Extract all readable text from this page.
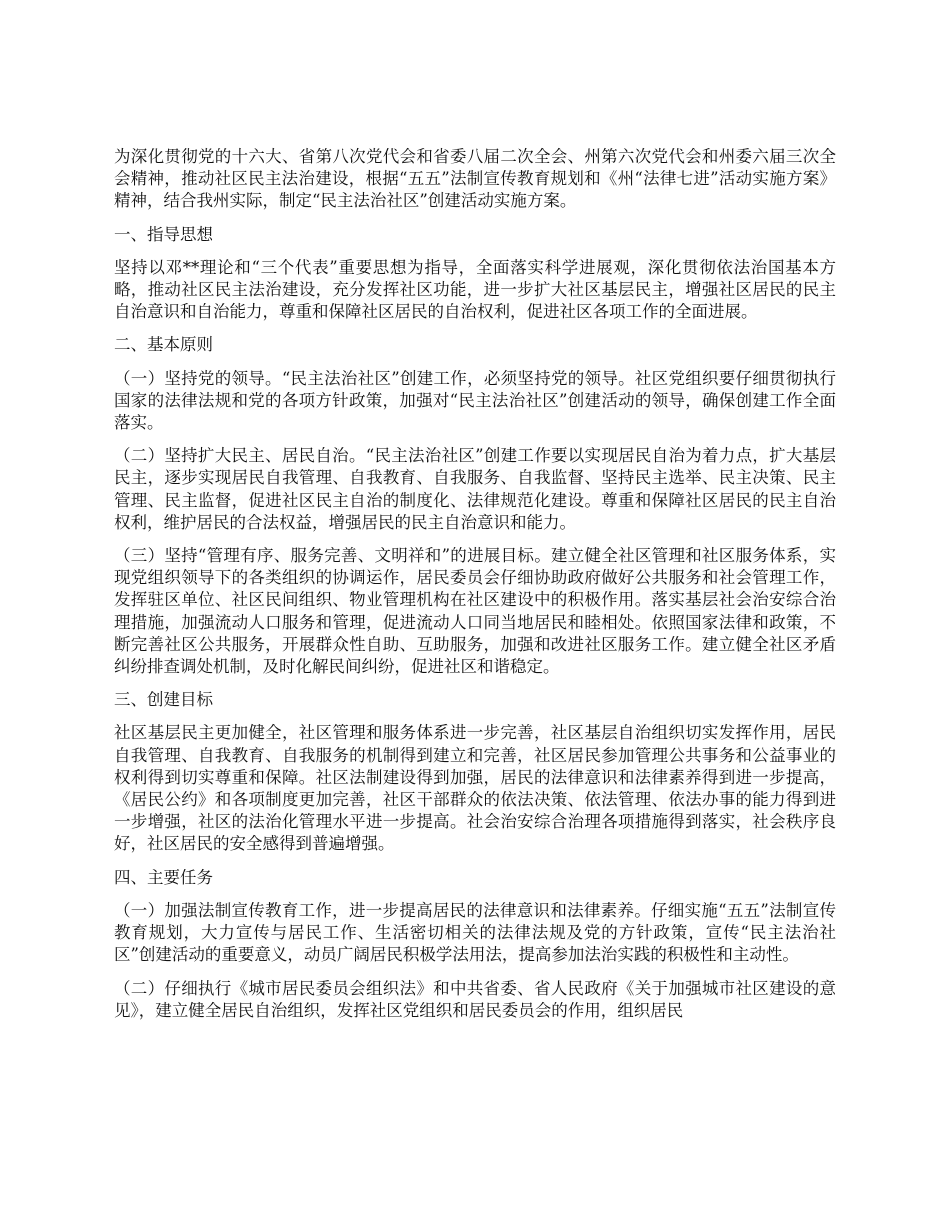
为深化贯彻党的十六大、省第八次党代会和省委八届二次全会、州第六次党代会和州委六届三次全会精神，推动社区民主法治建设，根据“五五”法制宣传教育规划和《州“法律七进”活动实施方案》精神，结合我州实际，制定“民主法治社区”创建活动实施方案。

一、指导思想

坚持以邓**理论和“三个代表”重要思想为指导，全面落实科学进展观，深化贯彻依法治国基本方略，推动社区民主法治建设，充分发挥社区功能，进一步扩大社区基层民主，增强社区居民的民主自治意识和自治能力，尊重和保障社区居民的自治权利，促进社区各项工作的全面进展。

二、基本原则

（一）坚持党的领导。“民主法治社区”创建工作，必须坚持党的领导。社区党组织要仔细贯彻执行国家的法律法规和党的各项方针政策，加强对“民主法治社区”创建活动的领导，确保创建工作全面落实。

（二）坚持扩大民主、居民自治。“民主法治社区”创建工作要以实现居民自治为着力点，扩大基层民主，逐步实现居民自我管理、自我教育、自我服务、自我监督、坚持民主选举、民主决策、民主管理、民主监督，促进社区民主自治的制度化、法律规范化建设。尊重和保障社区居民的民主自治权利，维护居民的合法权益，增强居民的民主自治意识和能力。

（三）坚持“管理有序、服务完善、文明祥和”的进展目标。建立健全社区管理和社区服务体系，实现党组织领导下的各类组织的协调运作，居民委员会仔细协助政府做好公共服务和社会管理工作，发挥驻区单位、社区民间组织、物业管理机构在社区建设中的积极作用。落实基层社会治安综合治理措施，加强流动人口服务和管理，促进流动人口同当地居民和睦相处。依照国家法律和政策，不断完善社区公共服务，开展群众性自助、互助服务，加强和改进社区服务工作。建立健全社区矛盾纠纷排查调处机制，及时化解民间纠纷，促进社区和谐稳定。

三、创建目标

社区基层民主更加健全，社区管理和服务体系进一步完善，社区基层自治组织切实发挥作用，居民自我管理、自我教育、自我服务的机制得到建立和完善，社区居民参加管理公共事务和公益事业的权利得到切实尊重和保障。社区法制建设得到加强，居民的法律意识和法律素养得到进一步提高，《居民公约》和各项制度更加完善，社区干部群众的依法决策、依法管理、依法办事的能力得到进一步增强，社区的法治化管理水平进一步提高。社会治安综合治理各项措施得到落实，社会秩序良好，社区居民的安全感得到普遍增强。

四、主要任务

（一）加强法制宣传教育工作，进一步提高居民的法律意识和法律素养。仔细实施“五五”法制宣传教育规划，大力宣传与居民工作、生活密切相关的法律法规及党的方针政策，宣传“民主法治社区”创建活动的重要意义，动员广阔居民积极学法用法，提高参加法治实践的积极性和主动性。

（二）仔细执行《城市居民委员会组织法》和中共省委、省人民政府《关于加强城市社区建设的意见》，建立健全居民自治组织，发挥社区党组织和居民委员会的作用，组织居民
